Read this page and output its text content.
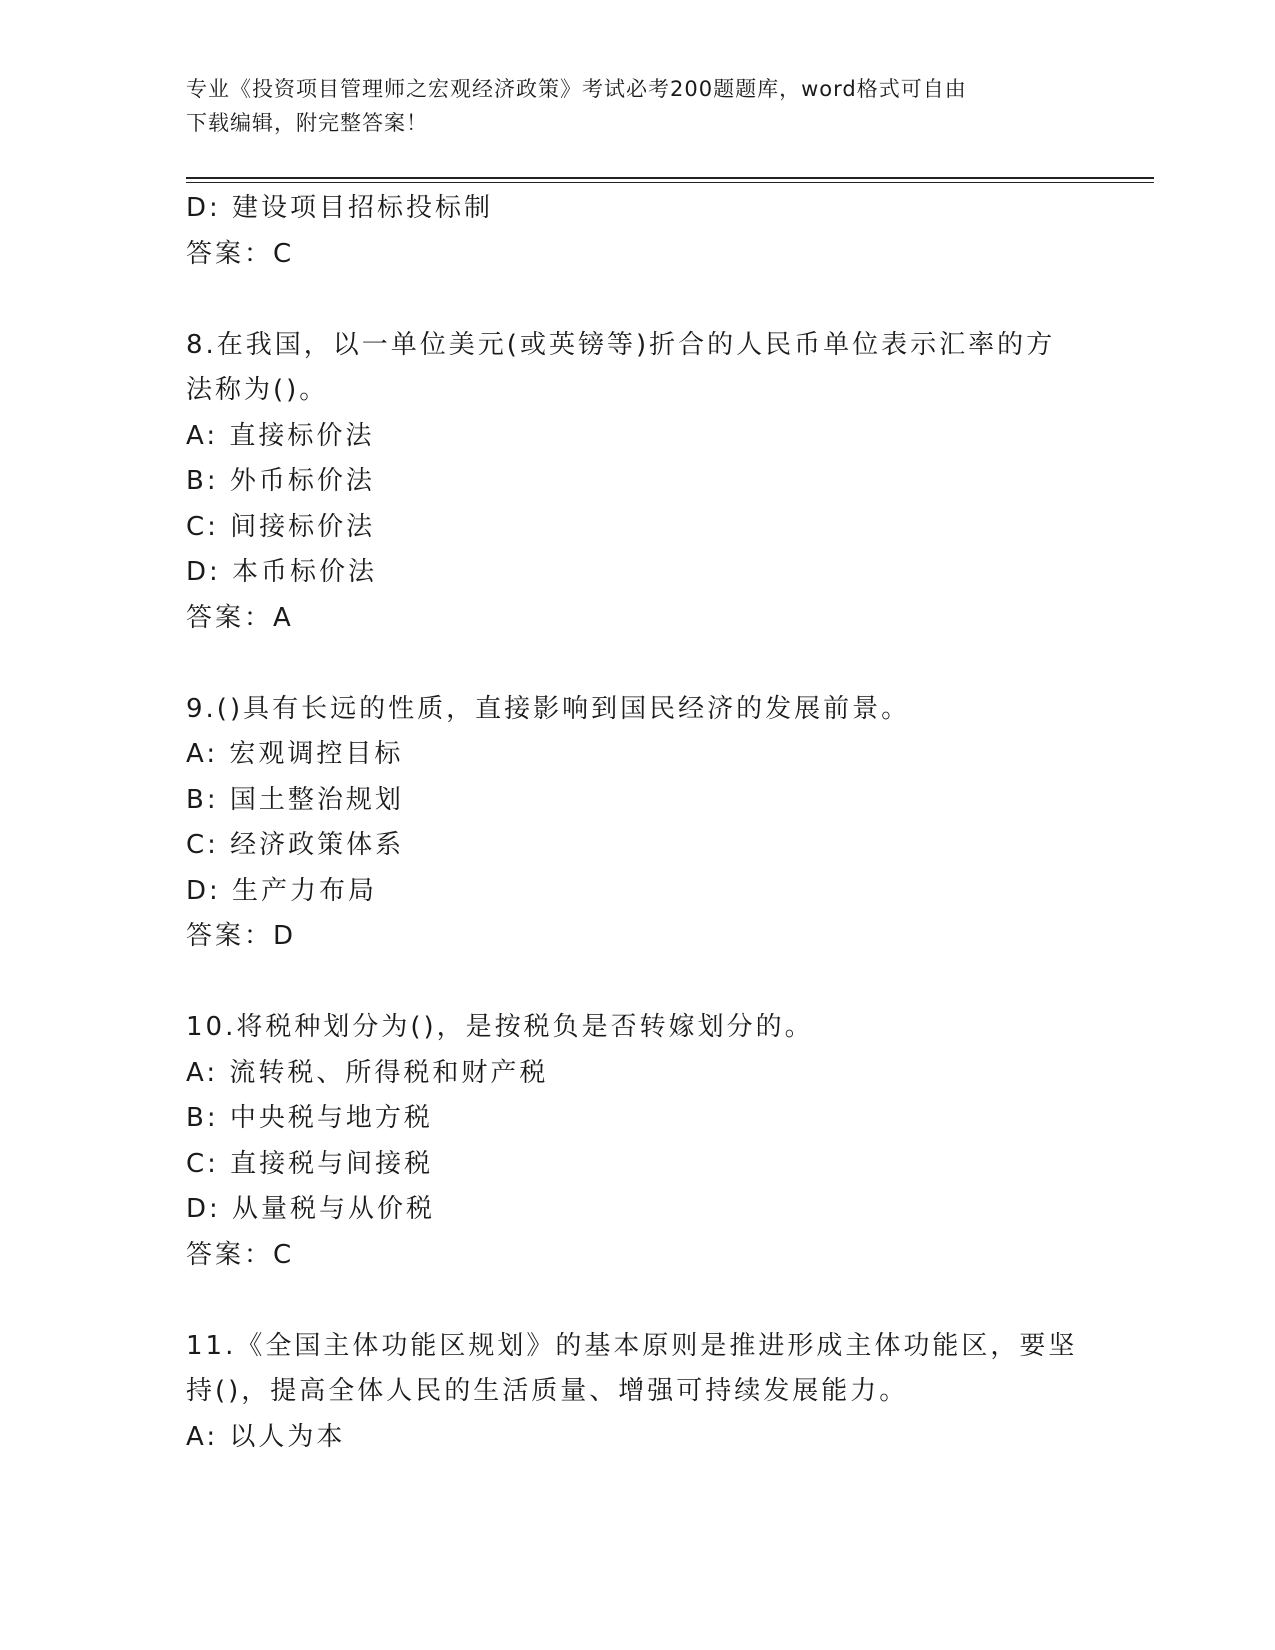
专业《投资项目管理师之宏观经济政策》考试必考200题题库，word格式可自由
下载编辑，附完整答案！
D: 建设项目招标投标制
答案：C
8.在我国，以一单位美元(或英镑等)折合的人民币单位表示汇率的方
法称为()。
A: 直接标价法
B: 外币标价法
C: 间接标价法
D: 本币标价法
答案：A
9.()具有长远的性质，直接影响到国民经济的发展前景。
A: 宏观调控目标
B: 国土整治规划
C: 经济政策体系
D: 生产力布局
答案：D
10.将税种划分为()，是按税负是否转嫁划分的。
A: 流转税、所得税和财产税
B: 中央税与地方税
C: 直接税与间接税
D: 从量税与从价税
答案：C
11.《全国主体功能区规划》的基本原则是推进形成主体功能区，要坚
持()，提高全体人民的生活质量、增强可持续发展能力。
A: 以人为本
